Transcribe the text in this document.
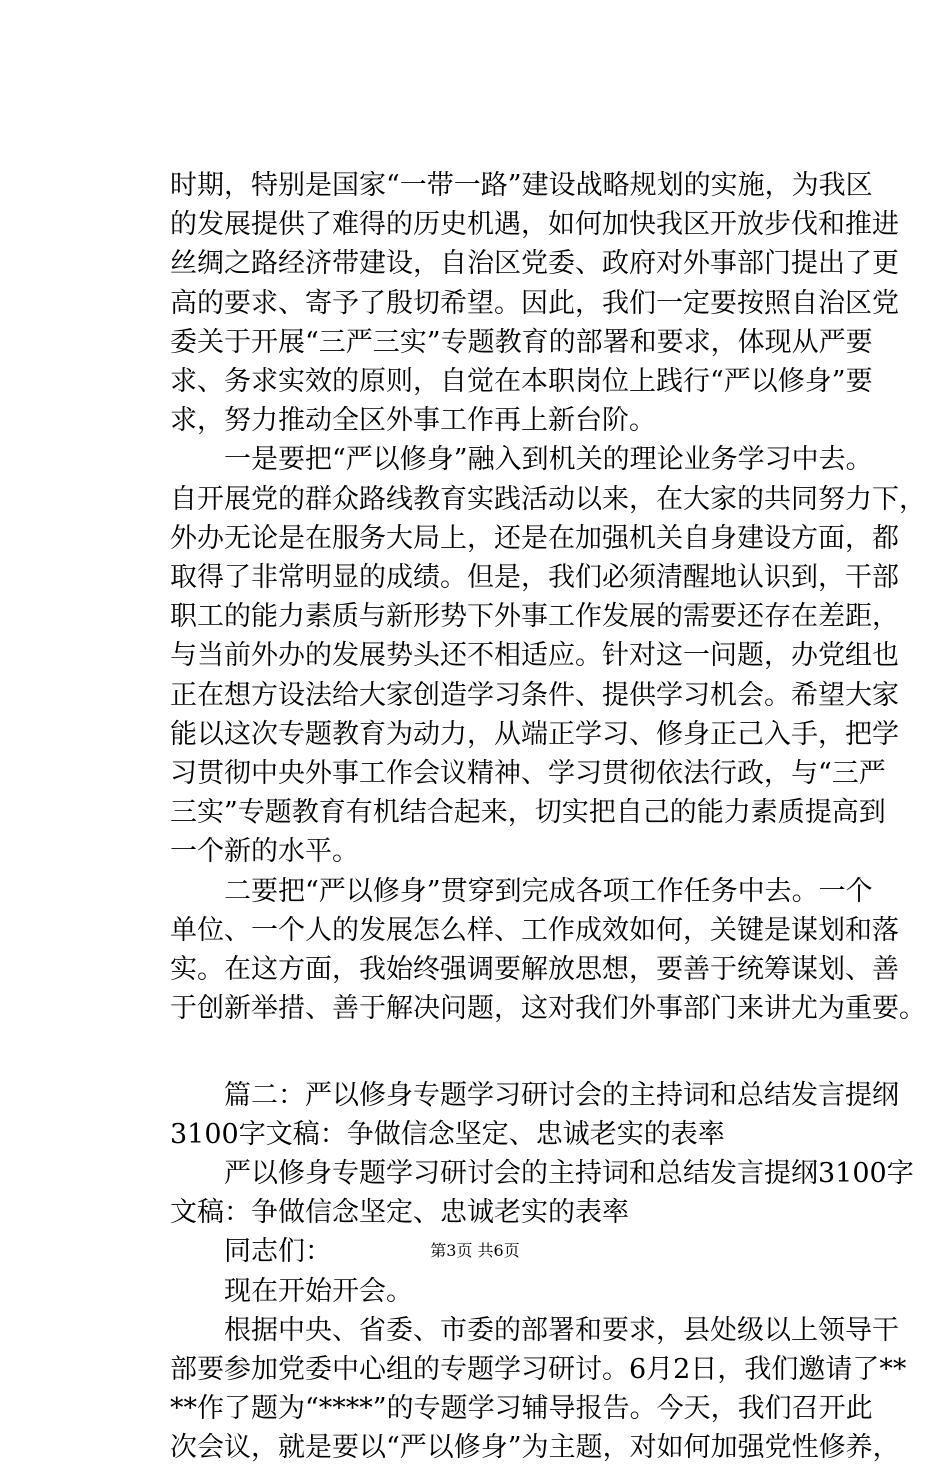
时期，特别是国家“一带一路”建设战略规划的实施，为我区
的发展提供了难得的历史机遇，如何加快我区开放步伐和推进
丝绸之路经济带建设，自治区党委、政府对外事部门提出了更
高的要求、寄予了殷切希望。因此，我们一定要按照自治区党
委关于开展“三严三实”专题教育的部署和要求，体现从严要
求、务求实效的原则，自觉在本职岗位上践行“严以修身”要
求，努力推动全区外事工作再上新台阶。
　　一是要把“严以修身”融入到机关的理论业务学习中去。
自开展党的群众路线教育实践活动以来，在大家的共同努力下，
外办无论是在服务大局上，还是在加强机关自身建设方面，都
取得了非常明显的成绩。但是，我们必须清醒地认识到，干部
职工的能力素质与新形势下外事工作发展的需要还存在差距，
与当前外办的发展势头还不相适应。针对这一问题，办党组也
正在想方设法给大家创造学习条件、提供学习机会。希望大家
能以这次专题教育为动力，从端正学习、修身正己入手，把学
习贯彻中央外事工作会议精神、学习贯彻依法行政，与“三严
三实”专题教育有机结合起来，切实把自己的能力素质提高到
一个新的水平。
　　二要把“严以修身”贯穿到完成各项工作任务中去。一个
单位、一个人的发展怎么样、工作成效如何，关键是谋划和落
实。在这方面，我始终强调要解放思想，要善于统筹谋划、善
于创新举措、善于解决问题，这对我们外事部门来讲尤为重要。
　　篇二：严以修身专题学习研讨会的主持词和总结发言提纲
3100字文稿：争做信念坚定、忠诚老实的表率
　　严以修身专题学习研讨会的主持词和总结发言提纲3100字
文稿：争做信念坚定、忠诚老实的表率
　　同志们：
　　现在开始开会。
　　根据中央、省委、市委的部署和要求，县处级以上领导干
部要参加党委中心组的专题学习研讨。6月2日，我们邀请了**
**作了题为“****”的专题学习辅导报告。今天，我们召开此
次会议，就是要以“严以修身”为主题，对如何加强党性修养，
第3页 共6页
